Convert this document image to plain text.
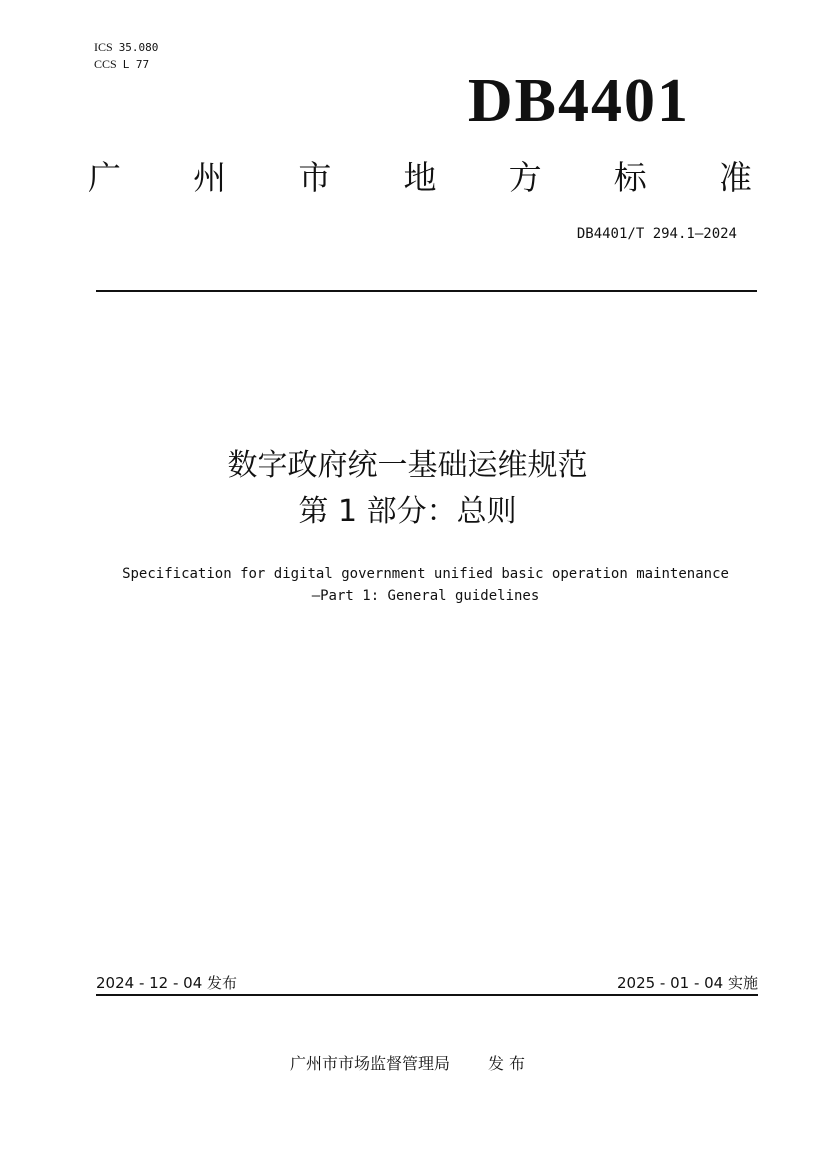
ICS 35.080
CCS L 77
DB4401
广 州 市 地 方 标 准
DB4401/T 294.1—2024
数字政府统一基础运维规范
第 1 部分：总则
Specification for digital government unified basic operation maintenance
—Part 1: General guidelines
2024 - 12 - 04 发布	2025 - 01 - 04 实施
广州市市场监督管理局 发 布
